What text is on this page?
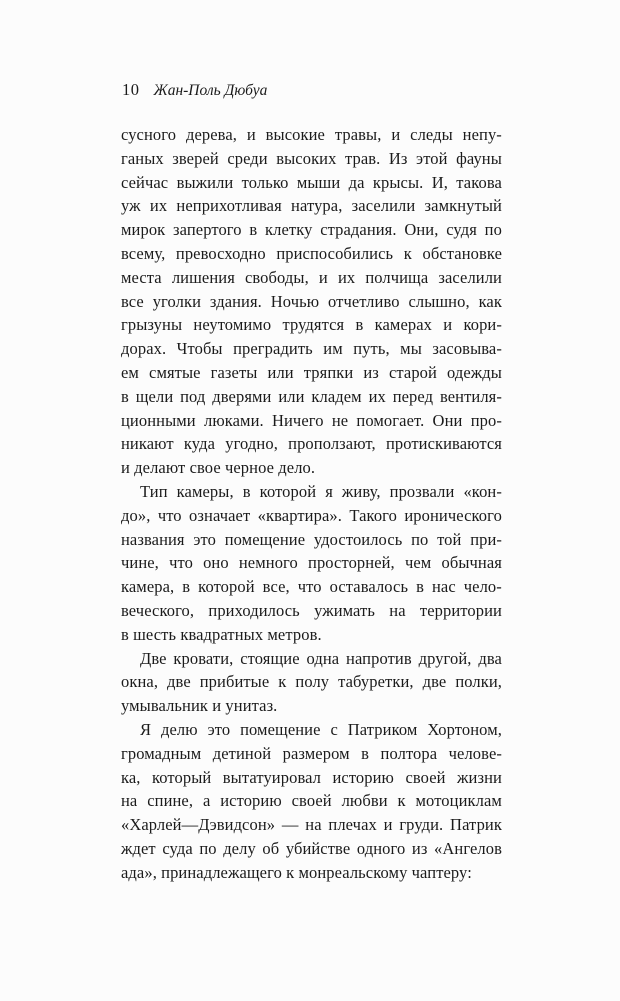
10 Жан-Поль Дюбуа
сусного дерева, и высокие травы, и следы непу-
ганых зверей среди высоких трав. Из этой фауны
сейчас выжили только мыши да крысы. И, такова
уж их неприхотливая натура, заселили замкнутый
мирок запертого в клетку страдания. Они, судя по
всему, превосходно приспособились к обстановке
места лишения свободы, и их полчища заселили
все уголки здания. Ночью отчетливо слышно, как
грызуны неутомимо трудятся в камерах и кори-
дорах. Чтобы преградить им путь, мы засовыва-
ем смятые газеты или тряпки из старой одежды
в щели под дверями или кладем их перед вентиля-
ционными люками. Ничего не помогает. Они про-
никают куда угодно, проползают, протискиваются
и делают свое черное дело.
Тип камеры, в которой я живу, прозвали «кон-
до», что означает «квартира». Такого иронического
названия это помещение удостоилось по той при-
чине, что оно немного просторней, чем обычная
камера, в которой все, что оставалось в нас чело-
веческого, приходилось ужимать на территории
в шесть квадратных метров.
Две кровати, стоящие одна напротив другой, два
окна, две прибитые к полу табуретки, две полки,
умывальник и унитаз.
Я делю это помещение с Патриком Хортоном,
громадным детиной размером в полтора челове-
ка, который вытатуировал историю своей жизни
на спине, а историю своей любви к мотоциклам
«Харлей—Дэвидсон» — на плечах и груди. Патрик
ждет суда по делу об убийстве одного из «Ангелов
ада», принадлежащего к монреальскому чаптеру:
